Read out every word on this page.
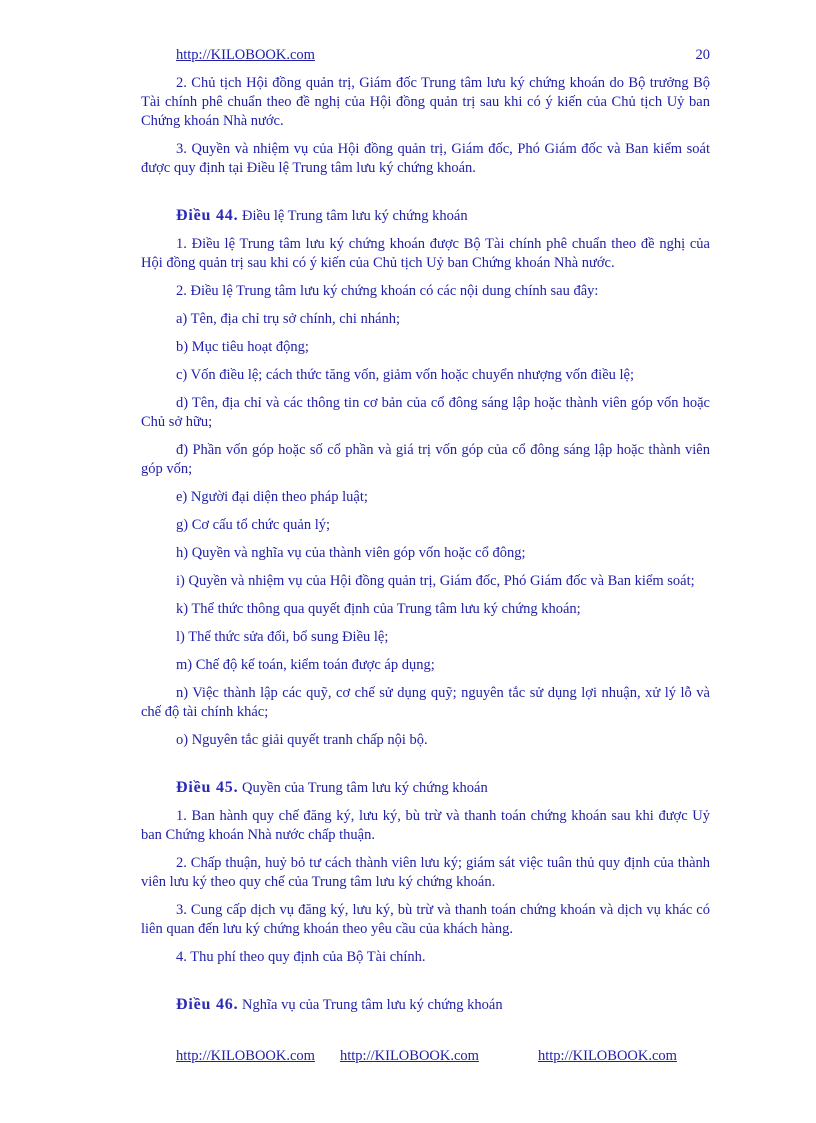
http://KILOBOOK.com	20

2. Chủ tịch Hội đồng quản trị, Giám đốc Trung tâm lưu ký chứng khoán do Bộ trưởng Bộ Tài chính phê chuẩn theo đề nghị của Hội đồng quản trị sau khi có ý kiến của Chủ tịch Uỷ ban Chứng khoán Nhà nước.

3. Quyền và nhiệm vụ của Hội đồng quản trị, Giám đốc, Phó Giám đốc và Ban kiểm soát được quy định tại Điều lệ Trung tâm lưu ký chứng khoán.

Điều 44. Điều lệ Trung tâm lưu ký chứng khoán

1. Điều lệ Trung tâm lưu ký chứng khoán được Bộ Tài chính phê chuẩn theo đề nghị của Hội đồng quản trị sau khi có ý kiến của Chủ tịch Uỷ ban Chứng khoán Nhà nước.

2. Điều lệ Trung tâm lưu ký chứng khoán có các nội dung chính sau đây:

a) Tên, địa chỉ trụ sở chính, chi nhánh;

b) Mục tiêu hoạt động;

c) Vốn điều lệ; cách thức tăng vốn, giảm vốn hoặc chuyển nhượng vốn điều lệ;

d) Tên, địa chỉ và các thông tin cơ bản của cổ đông sáng lập hoặc thành viên góp vốn hoặc Chủ sở hữu;

đ) Phần vốn góp hoặc số cổ phần và giá trị vốn góp của cổ đông sáng lập hoặc thành viên góp vốn;

e) Người đại diện theo pháp luật;

g) Cơ cấu tổ chức quản lý;

h) Quyền và nghĩa vụ của thành viên góp vốn hoặc cổ đông;

i) Quyền và nhiệm vụ của Hội đồng quản trị, Giám đốc, Phó Giám đốc và Ban kiểm soát;

k) Thể thức thông qua quyết định của Trung tâm lưu ký chứng khoán;

l) Thể thức sửa đổi, bổ sung Điều lệ;

m) Chế độ kế toán, kiểm toán được áp dụng;

n) Việc thành lập các quỹ, cơ chế sử dụng quỹ; nguyên tắc sử dụng lợi nhuận, xử lý lỗ và chế độ tài chính khác;

o) Nguyên tắc giải quyết tranh chấp nội bộ.

Điều 45. Quyền của Trung tâm lưu ký chứng khoán

1. Ban hành quy chế đăng ký, lưu ký, bù trừ và thanh toán chứng khoán sau khi được Uỷ ban Chứng khoán Nhà nước chấp thuận.

2. Chấp thuận, huỷ bỏ tư cách thành viên lưu ký; giám sát việc tuân thủ quy định của thành viên lưu ký theo quy chế của Trung tâm lưu ký chứng khoán.

3. Cung cấp dịch vụ đăng ký, lưu ký, bù trừ và thanh toán chứng khoán và dịch vụ khác có liên quan đến lưu ký chứng khoán theo yêu cầu của khách hàng.

4. Thu phí theo quy định của Bộ Tài chính.

Điều 46. Nghĩa vụ của Trung tâm lưu ký chứng khoán
http://KILOBOOK.com http://KILOBOOK.com	http://KILOBOOK.com
